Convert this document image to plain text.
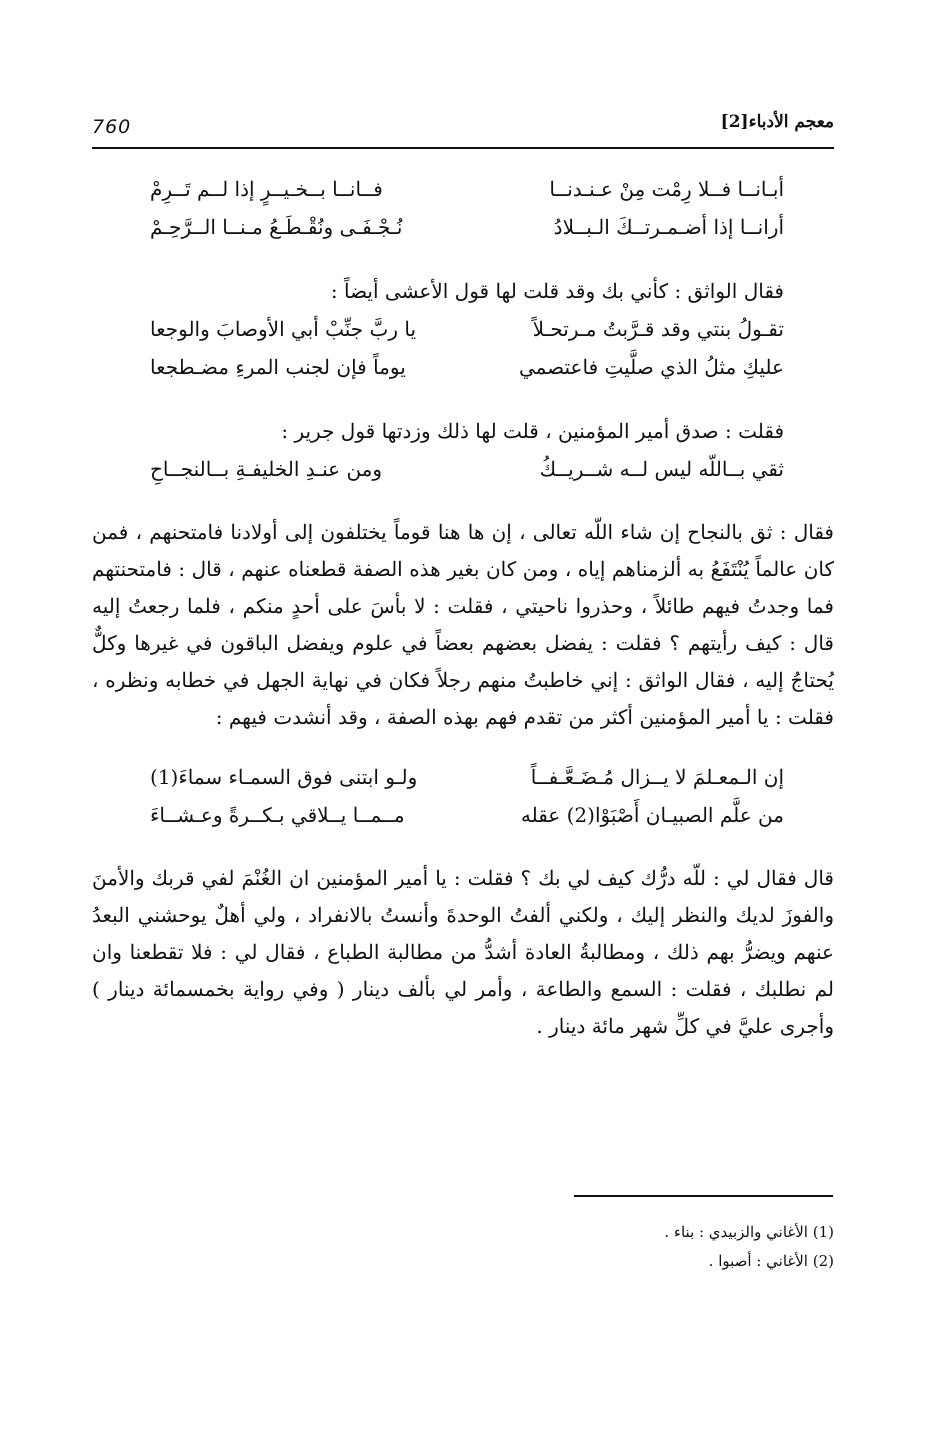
760	معجم الأدباء[2]
أبـانــا فــلا رِمْت مِنْ عـنـدنــا
فــانــا بــخـيــرٍ إذا لــم تَــرِمْ
أرانــا إذا أضـمـرتــكَ الـبــلادُ
نُـجْـفَـى ونُقْـطَـعُ مـنــا الــرَّحِـمْ
فقال الواثق : كأني بك وقد قلت لها قول الأعشى أيضاً :
تقـولُ بنتي وقد قـرَّبتُ مـرتحـلاً
يا ربَّ جنِّبْ أبي الأوصابَ والوجعا
عليكِ مثلُ الذي صلَّيتِ فاعتصمي
يوماً فإن لجنب المرءِ مضـطجعا
فقلت : صدق أمير المؤمنين ، قلت لها ذلك وزدتها قول جرير :
ثقي بــاللّه ليس لــه شــريــكُ
ومن عنـدِ الخليفـةِ بــالنجــاحِ

فقال : ثق بالنجاح إن شاء اللّه تعالى ، إن ها هنا قوماً يختلفون إلى أولادنا فامتحنهم ، فمن كان عالماً يُنْتَفَعُ به ألزمناهم إياه ، ومن كان بغير هذه الصفة قطعناه عنهم ، قال : فامتحنتهم فما وجدتُ فيهم طائلاً ، وحذروا ناحيتي ، فقلت : لا بأسَ على أحدٍ منكم ، فلما رجعتُ إليه قال : كيف رأيتهم ؟ فقلت : يفضل بعضهم بعضاً في علوم ويفضل الباقون في غيرها وكلٌّ يُحتاجُ إليه ، فقال الواثق : إني خاطبتُ منهم رجلاً فكان في نهاية الجهل في خطابه ونظره ، فقلت : يا أمير المؤمنين أكثر من تقدم فهم بهذه الصفة ، وقد أنشدت فيهم :

إن الـمعـلمَ لا يــزال مُـضَـعَّـفــاً
ولـو ابتنى فوق السمـاء سماءَ(1)
من علَّم الصبيـان أَصْبَوْا(2) عقله
مــمــا يــلاقي بـكــرةً وعـشــاءَ

قال فقال لي : للّه درُّك كيف لي بك ؟ فقلت : يا أمير المؤمنين ان الغُنْمَ لفي قربك والأمنَ والفوزَ لديك والنظر إليك ، ولكني ألفتُ الوحدةَ وأنستُ بالانفراد ، ولي أهلٌ يوحشني البعدُ عنهم ويضرُّ بهم ذلك ، ومطالبةُ العادة أشدُّ من مطالبة الطباع ، فقال لي : فلا تقطعنا وان لم نطلبك ، فقلت : السمع والطاعة ، وأمر لي بألف دينار ( وفي رواية بخمسمائة دينار ) وأجرى عليَّ في كلِّ شهر مائة دينار .

(1) الأغاني والزبيدي : بناء .
(2) الأغاني : أصبوا .
